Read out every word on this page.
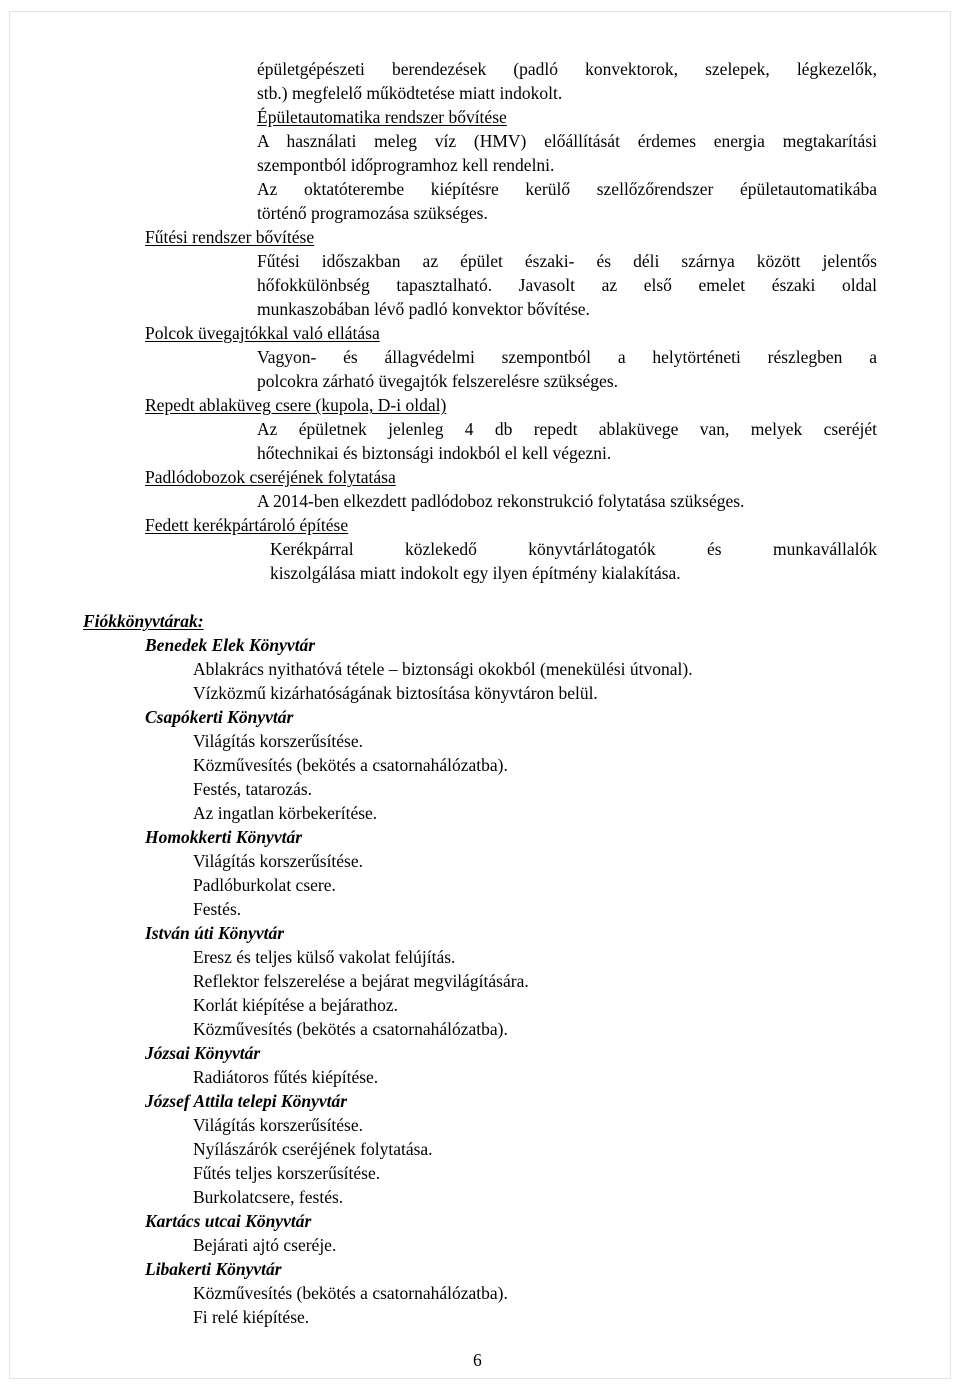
épületgépészeti berendezések (padló konvektorok, szelepek, légkezelők,

stb.) megfelelő működtetése miatt indokolt.

Épületautomatika rendszer bővítése

A használati meleg víz (HMV) előállítását érdemes energia megtakarítási

szempontból időprogramhoz kell rendelni.

Az oktatóterembe kiépítésre kerülő szellőzőrendszer épületautomatikába

történő programozása szükséges.

Fűtési rendszer bővítése

Fűtési időszakban az épület északi- és déli szárnya között jelentős

hőfokkülönbség tapasztalható. Javasolt az első emelet északi oldal

munkaszobában lévő padló konvektor bővítése.

Polcok üvegajtókkal való ellátása

Vagyon- és állagvédelmi szempontból a helytörténeti részlegben a

polcokra zárható üvegajtók felszerelésre szükséges.

Repedt ablaküveg csere (kupola, D-i oldal)

Az épületnek jelenleg 4 db repedt ablaküvege van, melyek cseréjét

hőtechnikai és biztonsági indokból el kell végezni.

Padlódobozok cseréjének folytatása

A 2014-ben elkezdett padlódoboz rekonstrukció folytatása szükséges.

Fedett kerékpártároló építése

Kerékpárral közlekedő könyvtárlátogatók és munkavállalók

kiszolgálása miatt indokolt egy ilyen építmény kialakítása.

Fiókkönyvtárak:

Benedek Elek Könyvtár

Ablakrács nyithatóvá tétele – biztonsági okokból (menekülési útvonal).

Vízközmű kizárhatóságának biztosítása könyvtáron belül.

Csapókerti Könyvtár

Világítás korszerűsítése.

Közművesítés (bekötés a csatornahálózatba).

Festés, tatarozás.

Az ingatlan körbekerítése.

Homokkerti Könyvtár

Világítás korszerűsítése.

Padlóburkolat csere.

Festés.

István úti Könyvtár

Eresz és teljes külső vakolat felújítás.

Reflektor felszerelése a bejárat megvilágítására.

Korlát kiépítése a bejárathoz.

Közművesítés (bekötés a csatornahálózatba).

Józsai Könyvtár

Radiátoros fűtés kiépítése.

József Attila telepi Könyvtár

Világítás korszerűsítése.

Nyílászárók cseréjének folytatása.

Fűtés teljes korszerűsítése.

Burkolatcsere, festés.

Kartács utcai Könyvtár

Bejárati ajtó cseréje.

Libakerti Könyvtár

Közművesítés (bekötés a csatornahálózatba).

Fi relé kiépítése.

6
